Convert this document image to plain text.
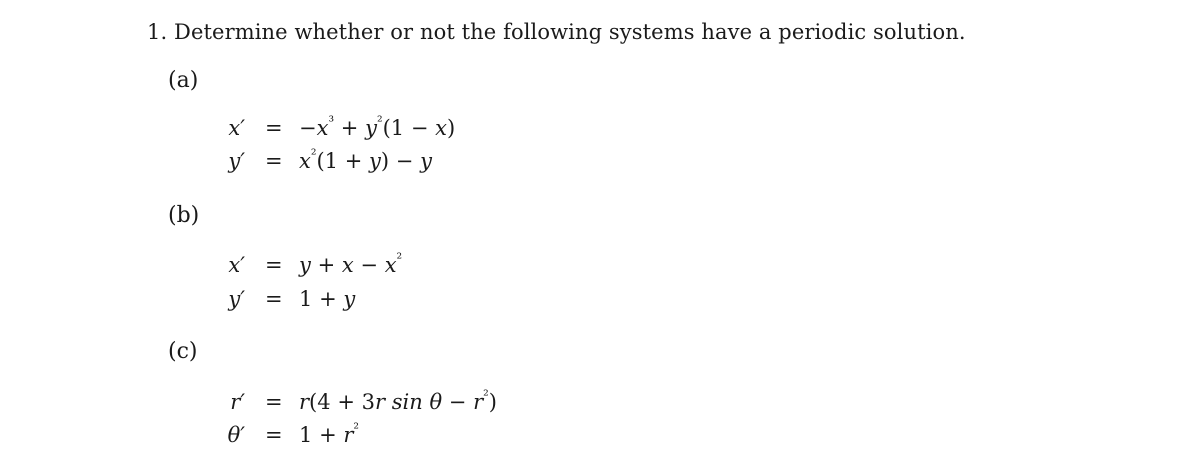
1. Determine whether or not the following systems have a periodic solution.
(a)
$x' = -x^{^3} + y^{^2}(1 - x)$
$y' = x^{^2}(1 + y) - y$
(b)
$x' = y + x - x^{^2}$
y′ = 1 + y
(c)
r′ = r(4 + 3r $\sin \theta - r^{^2}$)
$\theta' = 1 + r^{^2}$
